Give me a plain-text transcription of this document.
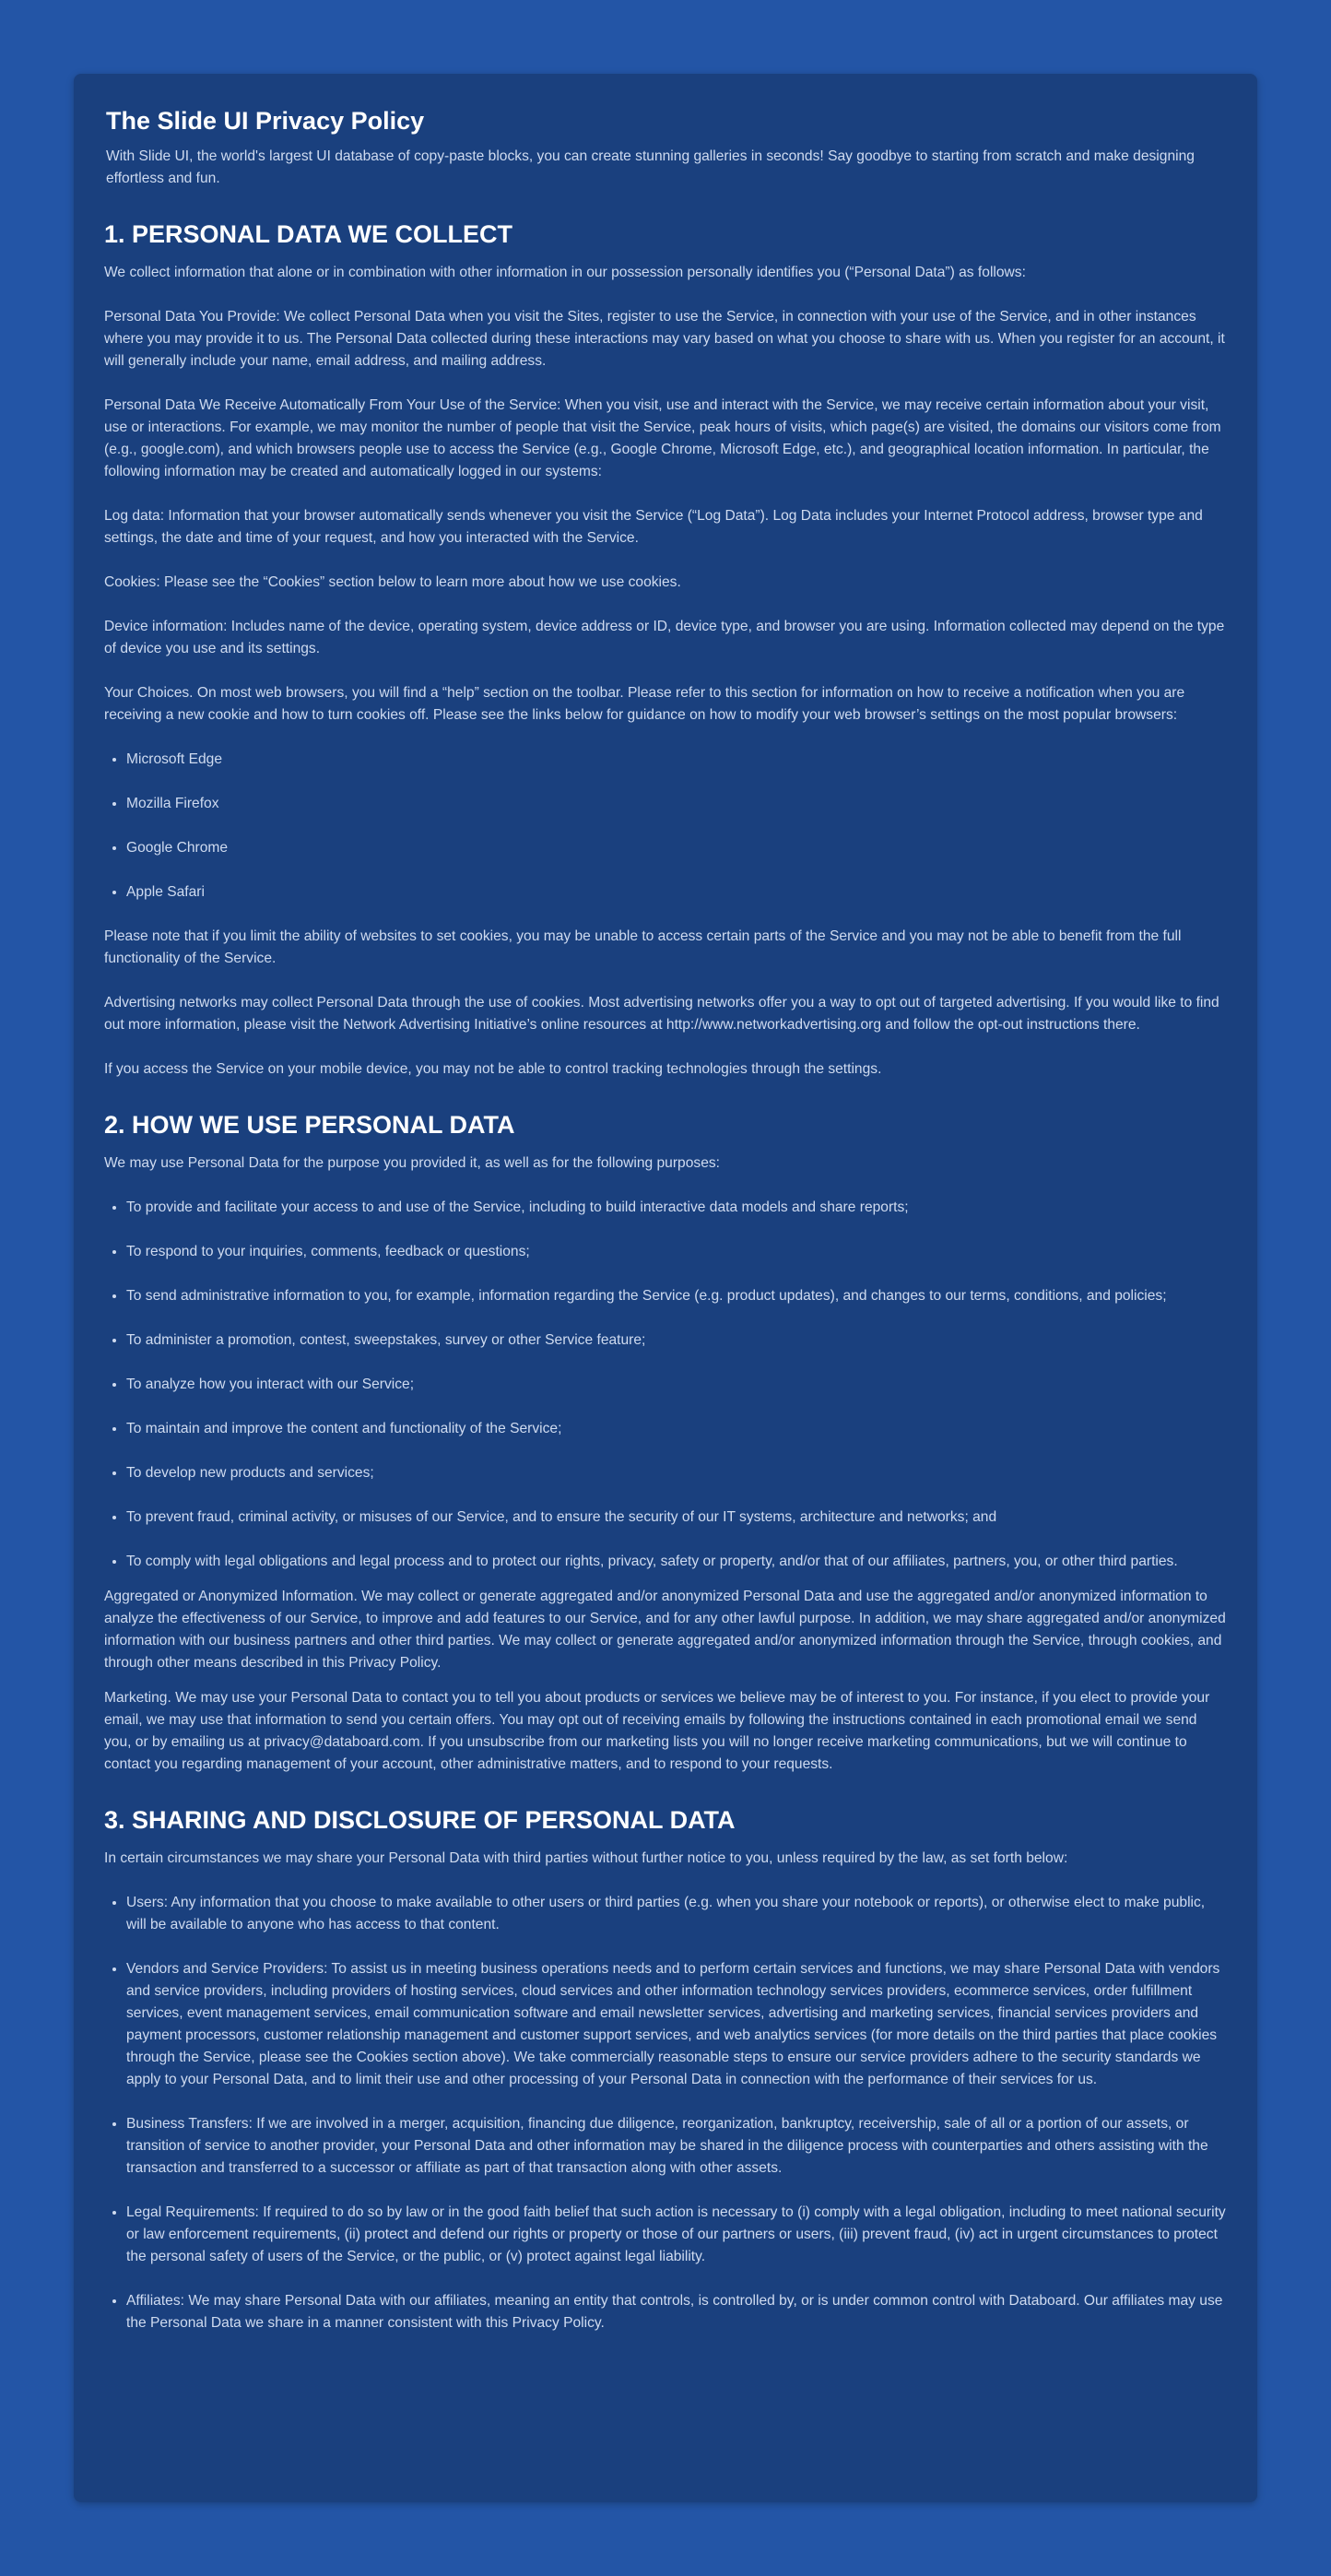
The Slide UI Privacy Policy

With Slide UI, the world's largest UI database of copy-paste blocks, you can create stunning galleries in seconds! Say goodbye to starting from scratch and make designing effortless and fun.

1. PERSONAL DATA WE COLLECT

We collect information that alone or in combination with other information in our possession personally identifies you (“Personal Data”) as follows:

Personal Data You Provide: We collect Personal Data when you visit the Sites, register to use the Service, in connection with your use of the Service, and in other instances where you may provide it to us. The Personal Data collected during these interactions may vary based on what you choose to share with us. When you register for an account, it will generally include your name, email address, and mailing address.

Personal Data We Receive Automatically From Your Use of the Service: When you visit, use and interact with the Service, we may receive certain information about your visit, use or interactions. For example, we may monitor the number of people that visit the Service, peak hours of visits, which page(s) are visited, the domains our visitors come from (e.g., google.com), and which browsers people use to access the Service (e.g., Google Chrome, Microsoft Edge, etc.), and geographical location information. In particular, the following information may be created and automatically logged in our systems:

Log data: Information that your browser automatically sends whenever you visit the Service (“Log Data”). Log Data includes your Internet Protocol address, browser type and settings, the date and time of your request, and how you interacted with the Service.

Cookies: Please see the “Cookies” section below to learn more about how we use cookies.

Device information: Includes name of the device, operating system, device address or ID, device type, and browser you are using. Information collected may depend on the type of device you use and its settings.

Your Choices. On most web browsers, you will find a “help” section on the toolbar. Please refer to this section for information on how to receive a notification when you are receiving a new cookie and how to turn cookies off. Please see the links below for guidance on how to modify your web browser’s settings on the most popular browsers:

• Microsoft Edge
• Mozilla Firefox
• Google Chrome
• Apple Safari

Please note that if you limit the ability of websites to set cookies, you may be unable to access certain parts of the Service and you may not be able to benefit from the full functionality of the Service.

Advertising networks may collect Personal Data through the use of cookies. Most advertising networks offer you a way to opt out of targeted advertising. If you would like to find out more information, please visit the Network Advertising Initiative’s online resources at http://www.networkadvertising.org and follow the opt-out instructions there.

If you access the Service on your mobile device, you may not be able to control tracking technologies through the settings.

2. HOW WE USE PERSONAL DATA

We may use Personal Data for the purpose you provided it, as well as for the following purposes:

• To provide and facilitate your access to and use of the Service, including to build interactive data models and share reports;
• To respond to your inquiries, comments, feedback or questions;
• To send administrative information to you, for example, information regarding the Service (e.g. product updates), and changes to our terms, conditions, and policies;
• To administer a promotion, contest, sweepstakes, survey or other Service feature;
• To analyze how you interact with our Service;
• To maintain and improve the content and functionality of the Service;
• To develop new products and services;
• To prevent fraud, criminal activity, or misuses of our Service, and to ensure the security of our IT systems, architecture and networks; and
• To comply with legal obligations and legal process and to protect our rights, privacy, safety or property, and/or that of our affiliates, partners, you, or other third parties.

Aggregated or Anonymized Information. We may collect or generate aggregated and/or anonymized Personal Data and use the aggregated and/or anonymized information to analyze the effectiveness of our Service, to improve and add features to our Service, and for any other lawful purpose. In addition, we may share aggregated and/or anonymized information with our business partners and other third parties. We may collect or generate aggregated and/or anonymized information through the Service, through cookies, and through other means described in this Privacy Policy.

Marketing. We may use your Personal Data to contact you to tell you about products or services we believe may be of interest to you. For instance, if you elect to provide your email, we may use that information to send you certain offers. You may opt out of receiving emails by following the instructions contained in each promotional email we send you, or by emailing us at privacy@databoard.com. If you unsubscribe from our marketing lists you will no longer receive marketing communications, but we will continue to contact you regarding management of your account, other administrative matters, and to respond to your requests.

3. SHARING AND DISCLOSURE OF PERSONAL DATA

In certain circumstances we may share your Personal Data with third parties without further notice to you, unless required by the law, as set forth below:

• Users: Any information that you choose to make available to other users or third parties (e.g. when you share your notebook or reports), or otherwise elect to make public, will be available to anyone who has access to that content.
• Vendors and Service Providers: To assist us in meeting business operations needs and to perform certain services and functions, we may share Personal Data with vendors and service providers, including providers of hosting services, cloud services and other information technology services providers, ecommerce services, order fulfillment services, event management services, email communication software and email newsletter services, advertising and marketing services, financial services providers and payment processors, customer relationship management and customer support services, and web analytics services (for more details on the third parties that place cookies through the Service, please see the Cookies section above). We take commercially reasonable steps to ensure our service providers adhere to the security standards we apply to your Personal Data, and to limit their use and other processing of your Personal Data in connection with the performance of their services for us.
• Business Transfers: If we are involved in a merger, acquisition, financing due diligence, reorganization, bankruptcy, receivership, sale of all or a portion of our assets, or transition of service to another provider, your Personal Data and other information may be shared in the diligence process with counterparties and others assisting with the transaction and transferred to a successor or affiliate as part of that transaction along with other assets.
• Legal Requirements: If required to do so by law or in the good faith belief that such action is necessary to (i) comply with a legal obligation, including to meet national security or law enforcement requirements, (ii) protect and defend our rights or property or those of our partners or users, (iii) prevent fraud, (iv) act in urgent circumstances to protect the personal safety of users of the Service, or the public, or (v) protect against legal liability.
• Affiliates: We may share Personal Data with our affiliates, meaning an entity that controls, is controlled by, or is under common control with Databoard. Our affiliates may use the Personal Data we share in a manner consistent with this Privacy Policy.
